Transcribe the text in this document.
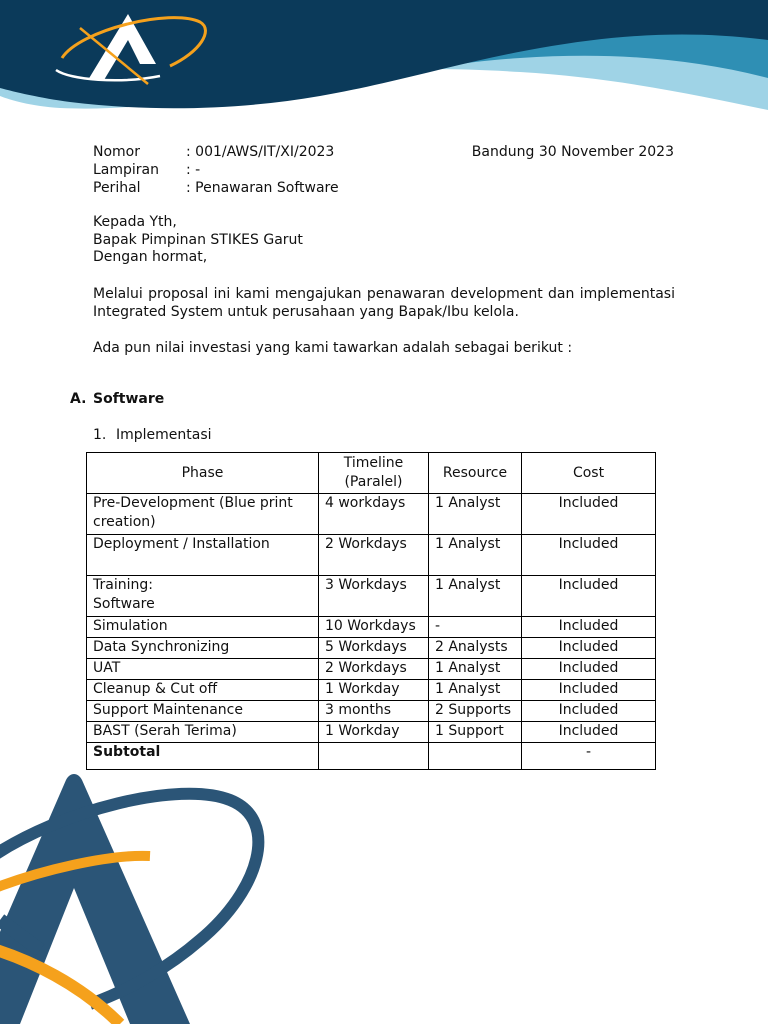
Nomor	: 001/AWS/IT/XI/2023
Lampiran	: -
Perihal	: Penawaran Software
Bandung 30 November 2023
Kepada Yth,
Bapak Pimpinan STIKES Garut
Dengan hormat,
Melalui proposal ini kami mengajukan penawaran development dan implementasi
Integrated System untuk perusahaan yang Bapak/Ibu kelola.
Ada pun nilai investasi yang kami tawarkan adalah sebagai berikut :
A. Software
1. Implementasi
Phase	Timeline (Paralel)	Resource	Cost
Pre-Development (Blue print creation)	4 workdays	1 Analyst	Included
Deployment / Installation	2 Workdays	1 Analyst	Included
Training: Software	3 Workdays	1 Analyst	Included
Simulation	10 Workdays	-	Included
Data Synchronizing	5 Workdays	2 Analysts	Included
UAT	2 Workdays	1 Analyst	Included
Cleanup & Cut off	1 Workday	1 Analyst	Included
Support Maintenance	3 months	2 Supports	Included
BAST (Serah Terima)	1 Workday	1 Support	Included
Subtotal			-
